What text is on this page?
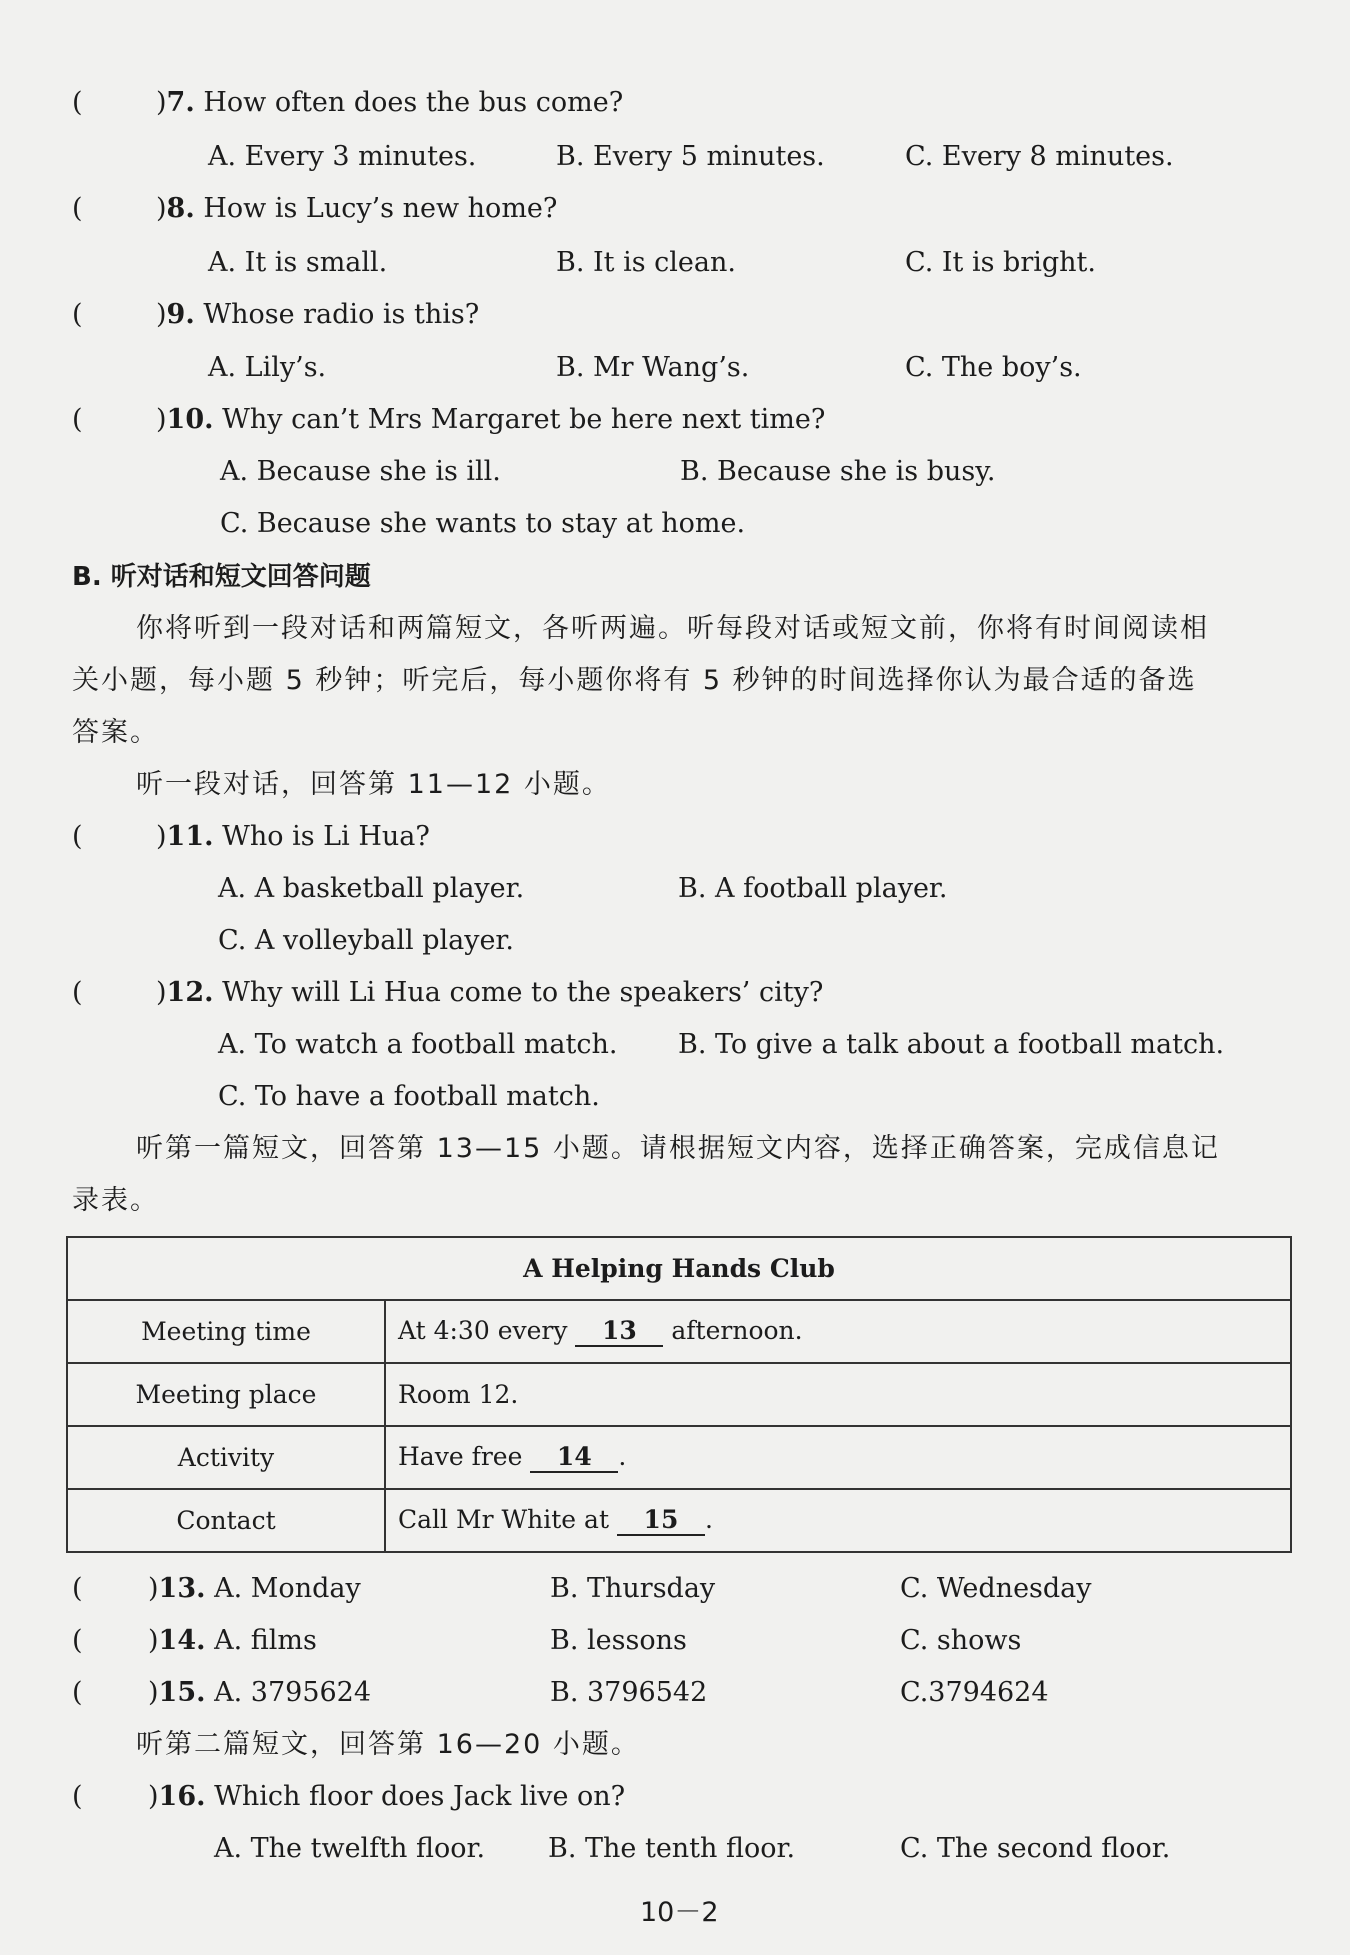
(	)7. How often does the bus come?
A. Every 3 minutes.	B. Every 5 minutes.	C. Every 8 minutes.
(	)8. How is Lucy’s new home?
A. It is small.	B. It is clean.	C. It is bright.
(	)9. Whose radio is this?
A. Lily’s.	B. Mr Wang’s.	C. The boy’s.
(	)10. Why can’t Mrs Margaret be here next time?
A. Because she is ill.	B. Because she is busy.
C. Because she wants to stay at home.
B. 听对话和短文回答问题
你将听到一段对话和两篇短文，各听两遍。听每段对话或短文前，你将有时间阅读相
关小题，每小题 5 秒钟；听完后，每小题你将有 5 秒钟的时间选择你认为最合适的备选
答案。
听一段对话，回答第 11—12 小题。
(	)11. Who is Li Hua?
A. A basketball player.	B. A football player.
C. A volleyball player.
(	)12. Why will Li Hua come to the speakers’ city?
A. To watch a football match. B. To give a talk about a football match.
C. To have a football match.
听第一篇短文，回答第 13—15 小题。请根据短文内容，选择正确答案，完成信息记
录表。
A Helping Hands Club	
Meeting time	At 4:30 every 13 afternoon.
Meeting place	Room 12.
Activity	Have free 14 .
Contact	Call Mr White at 15 .
( )13. A. Monday	B. Thursday	C. Wednesday
( )14. A. films	B. lessons	C. shows
( )15. A. 3795624	B. 3796542	C.3794624
听第二篇短文，回答第 16—20 小题。
( )16. Which floor does Jack live on?
A. The twelfth floor. B. The tenth floor.	C. The second floor.
10－2
